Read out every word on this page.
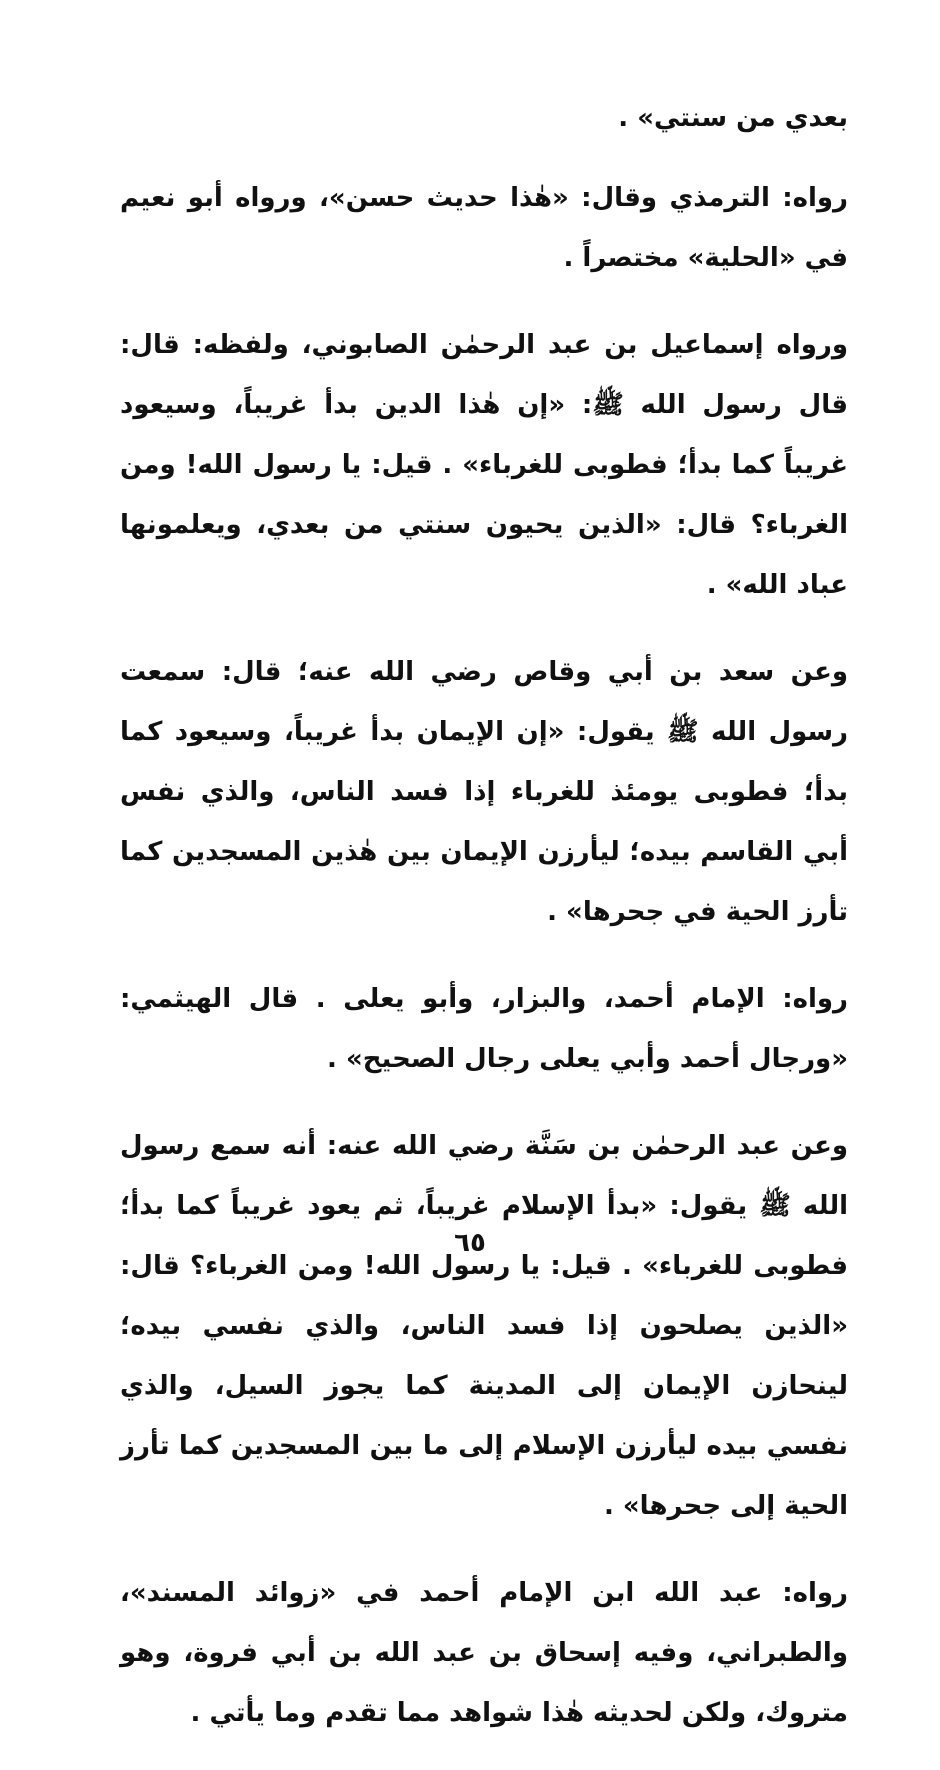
بعدي من سنتي» .

رواه: الترمذي وقال: «هٰذا حديث حسن»، ورواه أبو نعيم في «الحلية» مختصراً .

ورواه إسماعيل بن عبد الرحمٰن الصابوني، ولفظه: قال: قال رسول الله ﷺ: «إن هٰذا الدين بدأ غريباً، وسيعود غريباً كما بدأ؛ فطوبى للغرباء» . قيل: يا رسول الله! ومن الغرباء؟ قال: «الذين يحيون سنتي من بعدي، ويعلمونها عباد الله» .

وعن سعد بن أبي وقاص رضي الله عنه؛ قال: سمعت رسول الله ﷺ يقول: «إن الإيمان بدأ غريباً، وسيعود كما بدأ؛ فطوبى يومئذ للغرباء إذا فسد الناس، والذي نفس أبي القاسم بيده؛ ليأرزن الإيمان بين هٰذين المسجدين كما تأرز الحية في جحرها» .

رواه: الإمام أحمد، والبزار، وأبو يعلى . قال الهيثمي: «ورجال أحمد وأبي يعلى رجال الصحيح» .

وعن عبد الرحمٰن بن سَنَّة رضي الله عنه: أنه سمع رسول الله ﷺ يقول: «بدأ الإسلام غريباً، ثم يعود غريباً كما بدأ؛ فطوبى للغرباء» . قيل: يا رسول الله! ومن الغرباء؟ قال: «الذين يصلحون إذا فسد الناس، والذي نفسي بيده؛ لينحازن الإيمان إلى المدينة كما يجوز السيل، والذي نفسي بيده ليأرزن الإسلام إلى ما بين المسجدين كما تأرز الحية إلى جحرها» .

رواه: عبد الله ابن الإمام أحمد في «زوائد المسند»، والطبراني، وفيه إسحاق بن عبد الله بن أبي فروة، وهو متروك، ولكن لحديثه هٰذا شواهد مما تقدم وما يأتي .

٦٥
